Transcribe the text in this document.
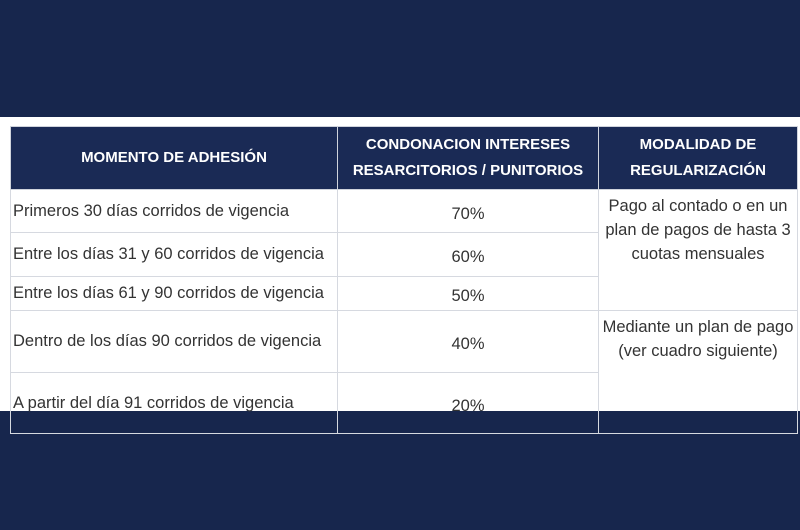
MOMENTO DE ADHESIÓN	CONDONACION INTERESES RESARCITORIOS / PUNITORIOS	MODALIDAD DE REGULARIZACIÓN
Primeros 30 días corridos de vigencia	70%	Pago al contado o en un plan de pagos de hasta 3 cuotas mensuales
Entre los días 31 y 60 corridos de vigencia	60%	
Entre los días 61 y 90 corridos de vigencia	50%	
Dentro de los días 90 corridos de vigencia	40%	Mediante un plan de pago (ver cuadro siguiente)
A partir del día 91 corridos de vigencia	20%	
